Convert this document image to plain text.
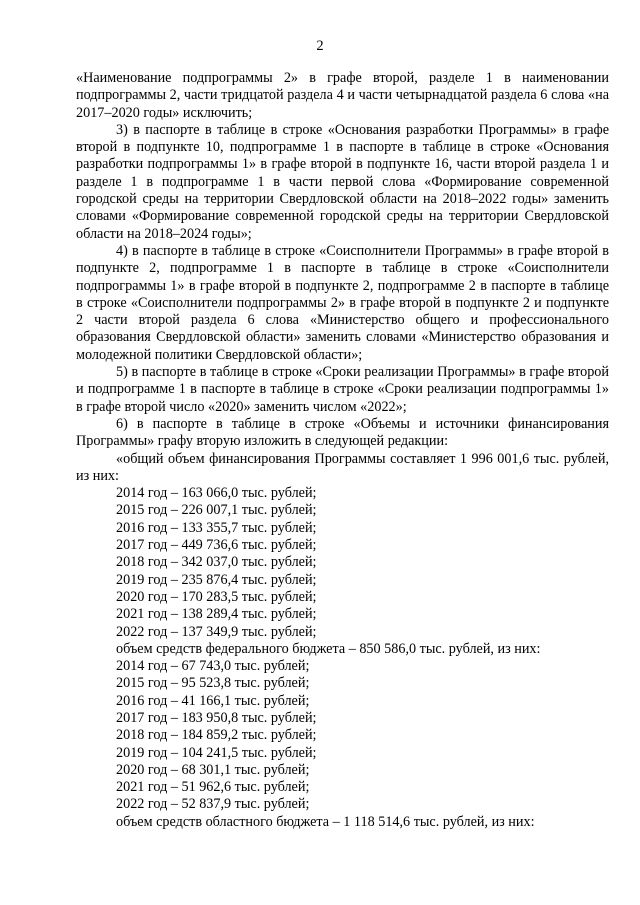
2

«Наименование подпрограммы 2» в графе второй, разделе 1 в наименовании подпрограммы 2, части тридцатой раздела 4 и части четырнадцатой раздела 6 слова «на 2017–2020 годы» исключить;

3) в паспорте в таблице в строке «Основания разработки Программы» в графе второй в подпункте 10, подпрограмме 1 в паспорте в таблице в строке «Основания разработки подпрограммы 1» в графе второй в подпункте 16, части второй раздела 1 и разделе 1 в подпрограмме 1 в части первой слова «Формирование современной городской среды на территории Свердловской области на 2018–2022 годы» заменить словами «Формирование современной городской среды на территории Свердловской области на 2018–2024 годы»;

4) в паспорте в таблице в строке «Соисполнители Программы» в графе второй в подпункте 2, подпрограмме 1 в паспорте в таблице в строке «Соисполнители подпрограммы 1» в графе второй в подпункте 2, подпрограмме 2 в паспорте в таблице в строке «Соисполнители подпрограммы 2» в графе второй в подпункте 2 и подпункте 2 части второй раздела 6 слова «Министерство общего и профессионального образования Свердловской области» заменить словами «Министерство образования и молодежной политики Свердловской области»;

5) в паспорте в таблице в строке «Сроки реализации Программы» в графе второй и подпрограмме 1 в паспорте в таблице в строке «Сроки реализации подпрограммы 1» в графе второй число «2020» заменить числом «2022»;

6) в паспорте в таблице в строке «Объемы и источники финансирования Программы» графу вторую изложить в следующей редакции:

«общий объем финансирования Программы составляет 1 996 001,6 тыс. рублей, из них:

2014 год – 163 066,0 тыс. рублей;

2015 год – 226 007,1 тыс. рублей;

2016 год – 133 355,7 тыс. рублей;

2017 год – 449 736,6 тыс. рублей;

2018 год – 342 037,0 тыс. рублей;

2019 год – 235 876,4 тыс. рублей;

2020 год – 170 283,5 тыс. рублей;

2021 год – 138 289,4 тыс. рублей;

2022 год – 137 349,9 тыс. рублей;

объем средств федерального бюджета – 850 586,0 тыс. рублей, из них:

2014 год – 67 743,0 тыс. рублей;

2015 год – 95 523,8 тыс. рублей;

2016 год – 41 166,1 тыс. рублей;

2017 год – 183 950,8 тыс. рублей;

2018 год – 184 859,2 тыс. рублей;

2019 год – 104 241,5 тыс. рублей;

2020 год – 68 301,1 тыс. рублей;

2021 год – 51 962,6 тыс. рублей;

2022 год – 52 837,9 тыс. рублей;

объем средств областного бюджета – 1 118 514,6 тыс. рублей, из них:
